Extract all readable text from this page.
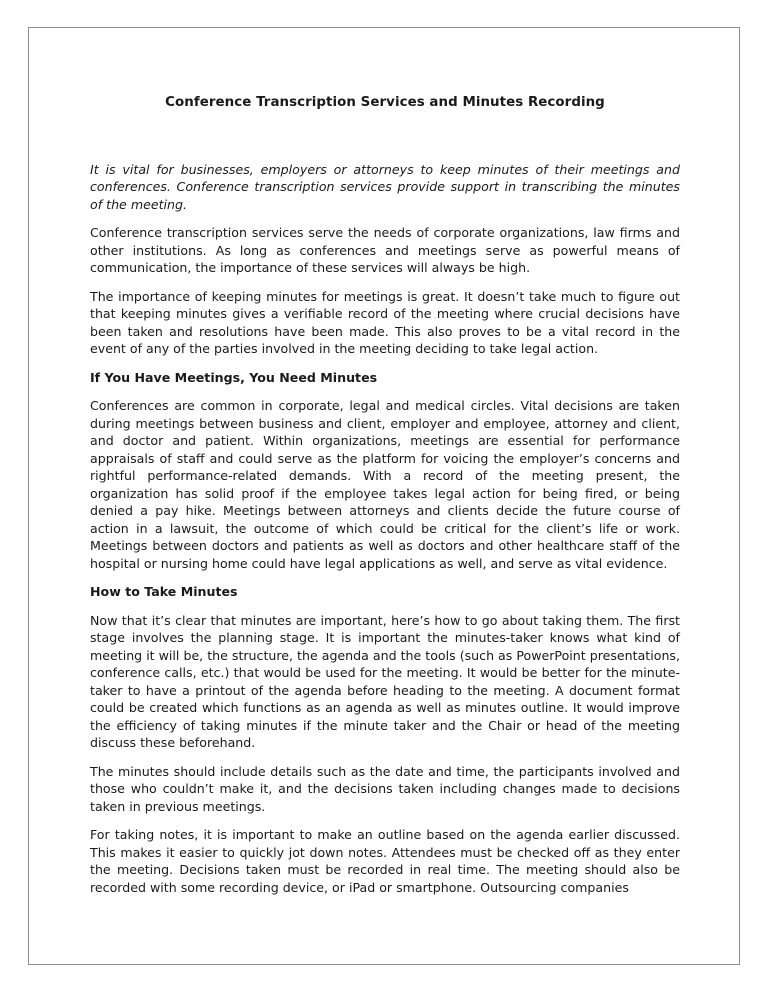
Conference Transcription Services and Minutes Recording

It is vital for businesses, employers or attorneys to keep minutes of their meetings and conferences. Conference transcription services provide support in transcribing the minutes of the meeting.

Conference transcription services serve the needs of corporate organizations, law firms and other institutions. As long as conferences and meetings serve as powerful means of communication, the importance of these services will always be high.

The importance of keeping minutes for meetings is great. It doesn’t take much to figure out that keeping minutes gives a verifiable record of the meeting where crucial decisions have been taken and resolutions have been made. This also proves to be a vital record in the event of any of the parties involved in the meeting deciding to take legal action.

If You Have Meetings, You Need Minutes

Conferences are common in corporate, legal and medical circles. Vital decisions are taken during meetings between business and client, employer and employee, attorney and client, and doctor and patient. Within organizations, meetings are essential for performance appraisals of staff and could serve as the platform for voicing the employer’s concerns and rightful performance-related demands. With a record of the meeting present, the organization has solid proof if the employee takes legal action for being fired, or being denied a pay hike. Meetings between attorneys and clients decide the future course of action in a lawsuit, the outcome of which could be critical for the client’s life or work. Meetings between doctors and patients as well as doctors and other healthcare staff of the hospital or nursing home could have legal applications as well, and serve as vital evidence.

How to Take Minutes

Now that it’s clear that minutes are important, here’s how to go about taking them. The first stage involves the planning stage. It is important the minutes-taker knows what kind of meeting it will be, the structure, the agenda and the tools (such as PowerPoint presentations, conference calls, etc.) that would be used for the meeting. It would be better for the minute-taker to have a printout of the agenda before heading to the meeting. A document format could be created which functions as an agenda as well as minutes outline. It would improve the efficiency of taking minutes if the minute taker and the Chair or head of the meeting discuss these beforehand.

The minutes should include details such as the date and time, the participants involved and those who couldn’t make it, and the decisions taken including changes made to decisions taken in previous meetings.

For taking notes, it is important to make an outline based on the agenda earlier discussed. This makes it easier to quickly jot down notes. Attendees must be checked off as they enter the meeting. Decisions taken must be recorded in real time. The meeting should also be recorded with some recording device, or iPad or smartphone. Outsourcing companies
